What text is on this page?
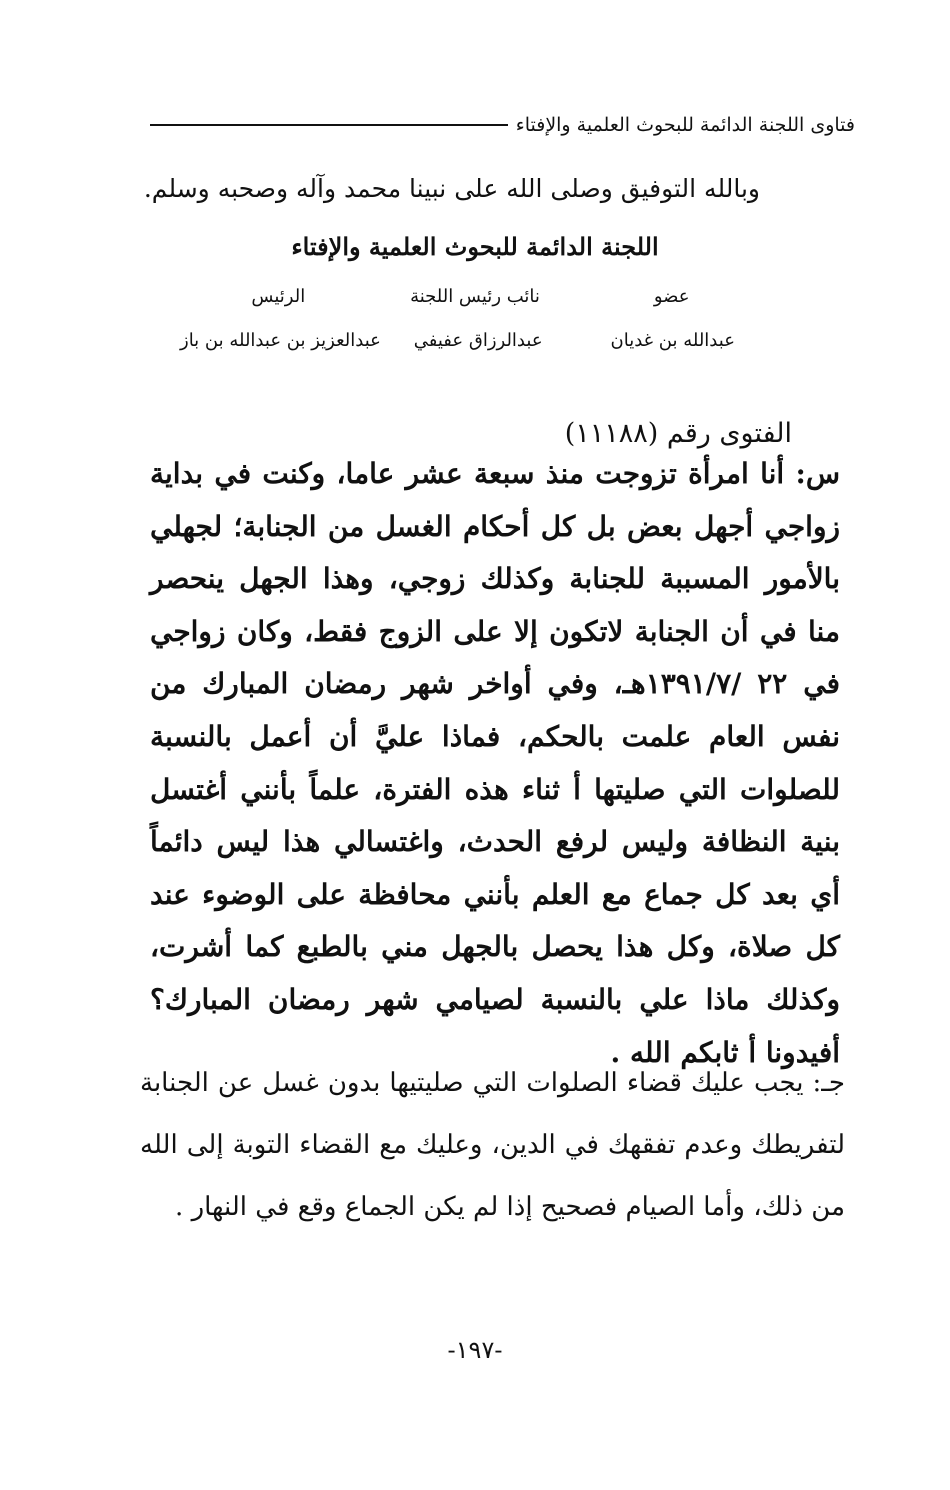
فتاوى اللجنة الدائمة للبحوث العلمية والإفتاء
وبالله التوفيق وصلى الله على نبينا محمد وآله وصحبه وسلم.
اللجنة الدائمة للبحوث العلمية والإفتاء
عضو
نائب رئيس اللجنة
الرئيس
عبدالله بن غديان
عبدالرزاق عفيفي
عبدالعزيز بن عبدالله بن باز
الفتوى رقم (١١١٨٨)
س: أنا امرأة تزوجت منذ سبعة عشر عاما، وكنت في بداية زواجي أجهل بعض بل كل أحكام الغسل من الجنابة؛ لجهلي بالأمور المسببة للجنابة وكذلك زوجي، وهذا الجهل ينحصر منا في أن الجنابة لاتكون إلا على الزوج فقط، وكان زواجي في ٢٢ /١٣٩١/٧هـ، وفي أواخر شهر رمضان المبارك من نفس العام علمت بالحكم، فماذا عليَّ أن أعمل بالنسبة للصلوات التي صليتها أ ثناء هذه الفترة، علماً بأنني أغتسل بنية النظافة وليس لرفع الحدث، واغتسالي هذا ليس دائماً أي بعد كل جماع مع العلم بأنني محافظة على الوضوء عند كل صلاة، وكل هذا يحصل بالجهل مني بالطبع كما أشرت، وكذلك ماذا علي بالنسبة لصيامي شهر رمضان المبارك؟ أفيدونا أ ثابكم الله .
جـ: يجب عليك قضاء الصلوات التي صليتيها بدون غسل عن الجنابة لتفريطك وعدم تفقهك في الدين، وعليك مع القضاء التوبة إلى الله من ذلك، وأما الصيام فصحيح إذا لم يكن الجماع وقع في النهار .
-١٩٧-
